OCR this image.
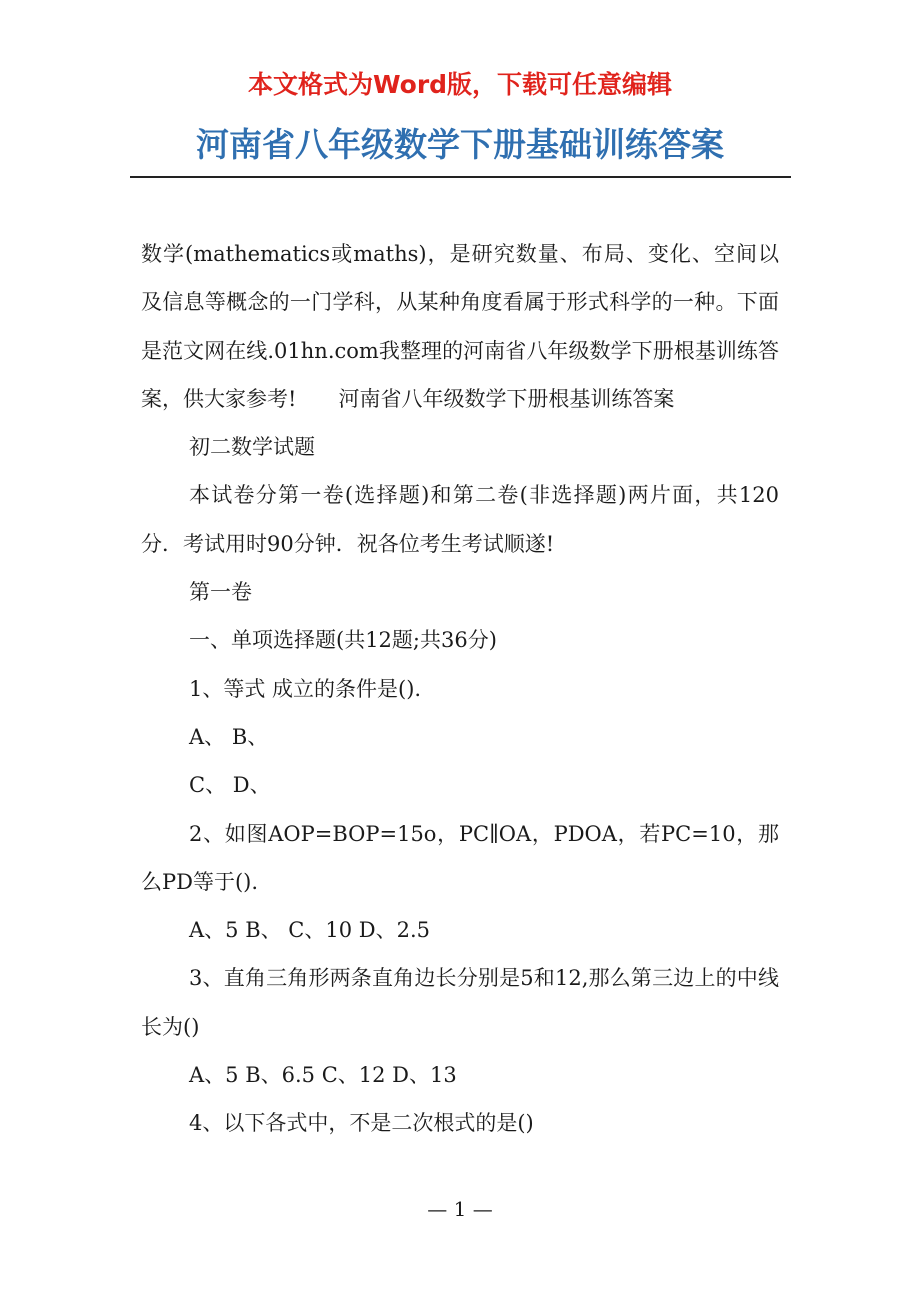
本文格式为Word版，下载可任意编辑
河南省八年级数学下册基础训练答案

数学(mathematics或maths)，是研究数量、布局、变化、空间以及信息等概念的一门学科，从某种角度看属于形式科学的一种。下面是范文网在线.01hn.com我整理的河南省八年级数学下册根基训练答案，供大家参考!　　河南省八年级数学下册根基训练答案

初二数学试题

本试卷分第一卷(选择题)和第二卷(非选择题)两片面，共120分．考试用时90分钟．祝各位考生考试顺遂!

第一卷

一、单项选择题(共12题;共36分)

1、等式 成立的条件是().

A、 B、

C、 D、

2、如图AOP=BOP=15o，PC∥OA，PDOA，若PC=10，那么PD等于().

A、5 B、 C、10 D、2.5

3、直角三角形两条直角边长分别是5和12,那么第三边上的中线长为()

A、5 B、6.5 C、12 D、13

4、以下各式中，不是二次根式的是()

— 1 —
